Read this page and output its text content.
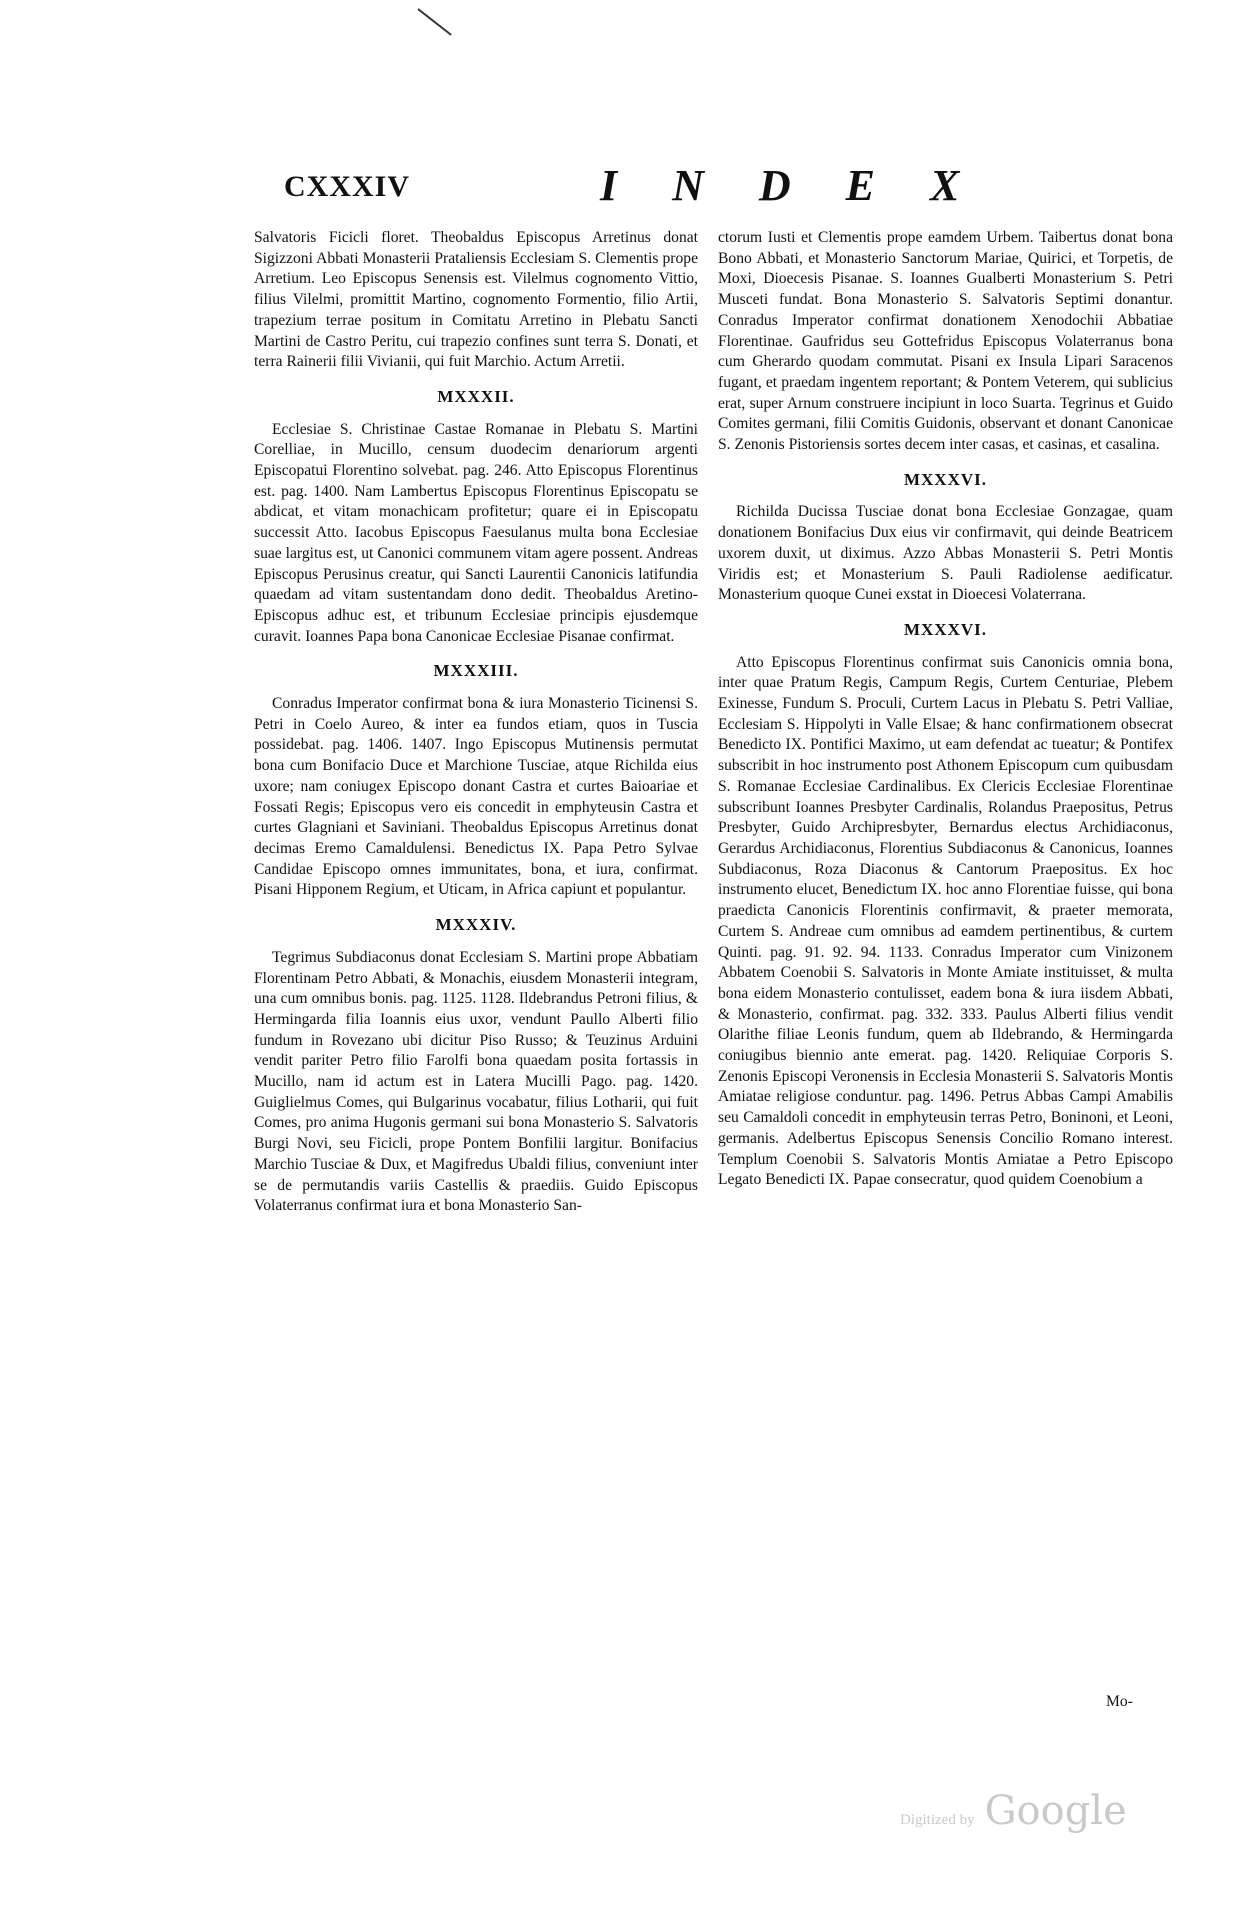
CXXXIV	I N D E X

Salvatoris Ficicli floret. Theobaldus Episcopus Arretinus donat Sigizzoni Abbati Monasterii Prataliensis Ecclesiam S. Clementis prope Arretium. Leo Episcopus Senensis est. Vilelmus cognomento Vittio, filius Vilelmi, promittit Martino, cognomento Formentio, filio Artii, trapezium terrae positum in Comitatu Arretino in Plebatu Sancti Martini de Castro Peritu, cui trapezio confines sunt terra S. Donati, et terra Rainerii filii Vivianii, qui fuit Marchio. Actum Arretii.

MXXXII.

Ecclesiae S. Christinae Castae Romanae in Plebatu S. Martini Corelliae, in Mucillo, censum duodecim denariorum argenti Episcopatui Florentino solvebat. pag. 246. Atto Episcopus Florentinus est. pag. 1400. Nam Lambertus Episcopus Florentinus Episcopatu se abdicat, et vitam monachicam profitetur; quare ei in Episcopatu successit Atto. Iacobus Episcopus Faesulanus multa bona Ecclesiae suae largitus est, ut Canonici communem vitam agere possent. Andreas Episcopus Perusinus creatur, qui Sancti Laurentii Canonicis latifundia quaedam ad vitam sustentandam dono dedit. Theobaldus Aretino-Episcopus adhuc est, et tribunum Ecclesiae principis ejusdemque curavit. Ioannes Papa bona Canonicae Ecclesiae Pisanae confirmat.

MXXXIII.

Conradus Imperator confirmat bona & iura Monasterio Ticinensi S. Petri in Coelo Aureo, & inter ea fundos etiam, quos in Tuscia possidebat. pag. 1406. 1407. Ingo Episcopus Mutinensis permutat bona cum Bonifacio Duce et Marchione Tusciae, atque Richilda eius uxore; nam coniugex Episcopo donant Castra et curtes Baioariae et Fossati Regis; Episcopus vero eis concedit in emphyteusin Castra et curtes Glagniani et Saviniani. Theobaldus Episcopus Arretinus donat decimas Eremo Camaldulensi. Benedictus IX. Papa Petro Sylvae Candidae Episcopo omnes immunitates, bona, et iura, confirmat. Pisani Hipponem Regium, et Uticam, in Africa capiunt et populantur.

MXXXIV.

Tegrimus Subdiaconus donat Ecclesiam S. Martini prope Abbatiam Florentinam Petro Abbati, & Monachis, eiusdem Monasterii integram, una cum omnibus bonis. pag. 1125. 1128. Ildebrandus Petroni filius, & Hermingarda filia Ioannis eius uxor, vendunt Paullo Alberti filio fundum in Rovezano ubi dicitur Piso Russo; & Teuzinus Arduini vendit pariter Petro filio Farolfi bona quaedam posita fortassis in Mucillo, nam id actum est in Latera Mucilli Pago. pag. 1420. Guiglielmus Comes, qui Bulgarinus vocabatur, filius Lotharii, qui fuit Comes, pro anima Hugonis germani sui bona Monasterio S. Salvatoris Burgi Novi, seu Ficicli, prope Pontem Bonfilii largitur. Bonifacius Marchio Tusciae & Dux, et Magifredus Ubaldi filius, conveniunt inter se de permutandis variis Castellis & praediis. Guido Episcopus Volaterranus confirmat iura et bona Monasterio San-

ctorum Iusti et Clementis prope eamdem Urbem. Taibertus donat bona Bono Abbati, et Monasterio Sanctorum Mariae, Quirici, et Torpetis, de Moxi, Dioecesis Pisanae. S. Ioannes Gualberti Monasterium S. Petri Musceti fundat. Bona Monasterio S. Salvatoris Septimi donantur. Conradus Imperator confirmat donationem Xenodochii Abbatiae Florentinae. Gaufridus seu Gottefridus Episcopus Volaterranus bona cum Gherardo quodam commutat. Pisani ex Insula Lipari Saracenos fugant, et praedam ingentem reportant; & Pontem Veterem, qui sublicius erat, super Arnum construere incipiunt in loco Suarta. Tegrinus et Guido Comites germani, filii Comitis Guidonis, observant et donant Canonicae S. Zenonis Pistoriensis sortes decem inter casas, et casinas, et casalina.

MXXXVI.

Richilda Ducissa Tusciae donat bona Ecclesiae Gonzagae, quam donationem Bonifacius Dux eius vir confirmavit, qui deinde Beatricem uxorem duxit, ut diximus. Azzo Abbas Monasterii S. Petri Montis Viridis est; et Monasterium S. Pauli Radiolense aedificatur. Monasterium quoque Cunei exstat in Dioecesi Volaterrana.

MXXXVI.

Atto Episcopus Florentinus confirmat suis Canonicis omnia bona, inter quae Pratum Regis, Campum Regis, Curtem Centuriae, Plebem Exinesse, Fundum S. Proculi, Curtem Lacus in Plebatu S. Petri Valliae, Ecclesiam S. Hippolyti in Valle Elsae; & hanc confirmationem obsecrat Benedicto IX. Pontifici Maximo, ut eam defendat ac tueatur; & Pontifex subscribit in hoc instrumento post Athonem Episcopum cum quibusdam S. Romanae Ecclesiae Cardinalibus. Ex Clericis Ecclesiae Florentinae subscribunt Ioannes Presbyter Cardinalis, Rolandus Praepositus, Petrus Presbyter, Guido Archipresbyter, Bernardus electus Archidiaconus, Gerardus Archidiaconus, Florentius Subdiaconus & Canonicus, Ioannes Subdiaconus, Roza Diaconus & Cantorum Praepositus. Ex hoc instrumento elucet, Benedictum IX. hoc anno Florentiae fuisse, qui bona praedicta Canonicis Florentinis confirmavit, & praeter memorata, Curtem S. Andreae cum omnibus ad eamdem pertinentibus, & curtem Quinti. pag. 91. 92. 94. 1133. Conradus Imperator cum Vinizonem Abbatem Coenobii S. Salvatoris in Monte Amiate instituisset, & multa bona eidem Monasterio contulisset, eadem bona & iura iisdem Abbati, & Monasterio, confirmat. pag. 332. 333. Paulus Alberti filius vendit Olarithe filiae Leonis fundum, quem ab Ildebrando, & Hermingarda coniugibus biennio ante emerat. pag. 1420. Reliquiae Corporis S. Zenonis Episcopi Veronensis in Ecclesia Monasterii S. Salvatoris Montis Amiatae religiose conduntur. pag. 1496. Petrus Abbas Campi Amabilis seu Camaldoli concedit in emphyteusin terras Petro, Boninoni, et Leoni, germanis. Adelbertus Episcopus Senensis Concilio Romano interest. Templum Coenobii S. Salvatoris Montis Amiatae a Petro Episcopo Legato Benedicti IX. Papae consecratur, quod quidem Coenobium a

Mo-
Digitized by Google
